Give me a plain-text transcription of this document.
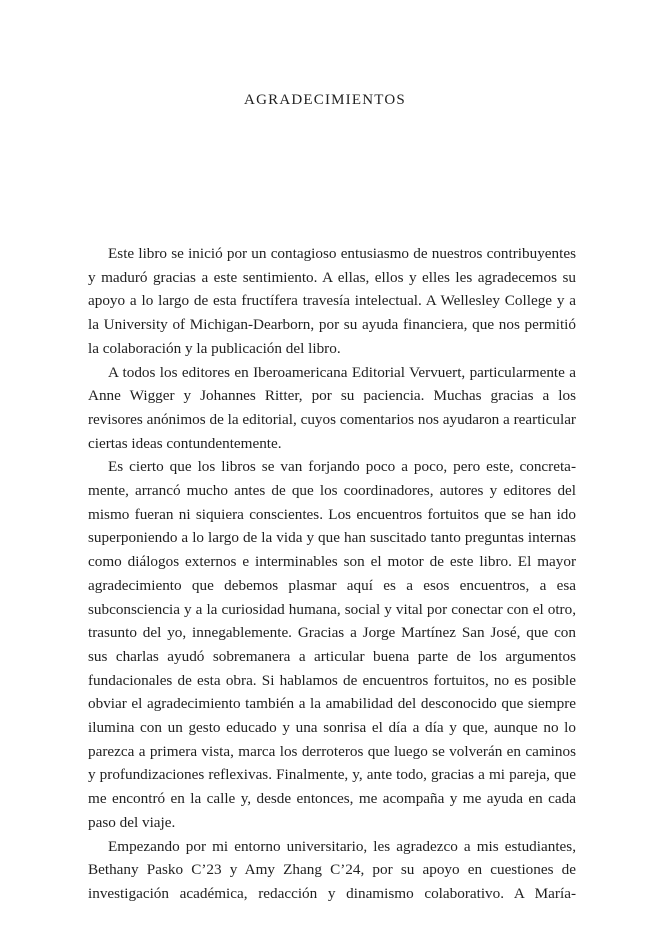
AGRADECIMIENTOS

Este libro se inició por un contagioso entusiasmo de nuestros contribuyentes y maduró gracias a este sentimiento. A ellas, ellos y elles les agradecemos su apoyo a lo largo de esta fructífera travesía intelectual. A Wellesley College y a la University of Michigan-Dearborn, por su ayuda financiera, que nos permitió la colaboración y la publicación del libro.

A todos los editores en Iberoamericana Editorial Vervuert, particularmente a Anne Wigger y Johannes Ritter, por su paciencia. Muchas gracias a los revisores anónimos de la editorial, cuyos comentarios nos ayudaron a rearticular ciertas ideas contundentemente.

Es cierto que los libros se van forjando poco a poco, pero este, concretamente, arrancó mucho antes de que los coordinadores, autores y editores del mismo fueran ni siquiera conscientes. Los encuentros fortuitos que se han ido superponiendo a lo largo de la vida y que han suscitado tanto preguntas internas como diálogos externos e interminables son el motor de este libro. El mayor agradecimiento que debemos plasmar aquí es a esos encuentros, a esa subconsciencia y a la curiosidad humana, social y vital por conectar con el otro, trasunto del yo, innegablemente. Gracias a Jorge Martínez San José, que con sus charlas ayudó sobremanera a articular buena parte de los argumentos fundacionales de esta obra. Si hablamos de encuentros fortuitos, no es posible obviar el agradecimiento también a la amabilidad del desconocido que siempre ilumina con un gesto educado y una sonrisa el día a día y que, aunque no lo parezca a primera vista, marca los derroteros que luego se volverán en caminos y profundizaciones reflexivas. Finalmente, y, ante todo, gracias a mi pareja, que me encontró en la calle y, desde entonces, me acompaña y me ayuda en cada paso del viaje.

Empezando por mi entorno universitario, les agradezco a mis estudiantes, Bethany Pasko C’23 y Amy Zhang C’24, por su apoyo en cuestiones de investigación académica, redacción y dinamismo colaborativo. A María-
